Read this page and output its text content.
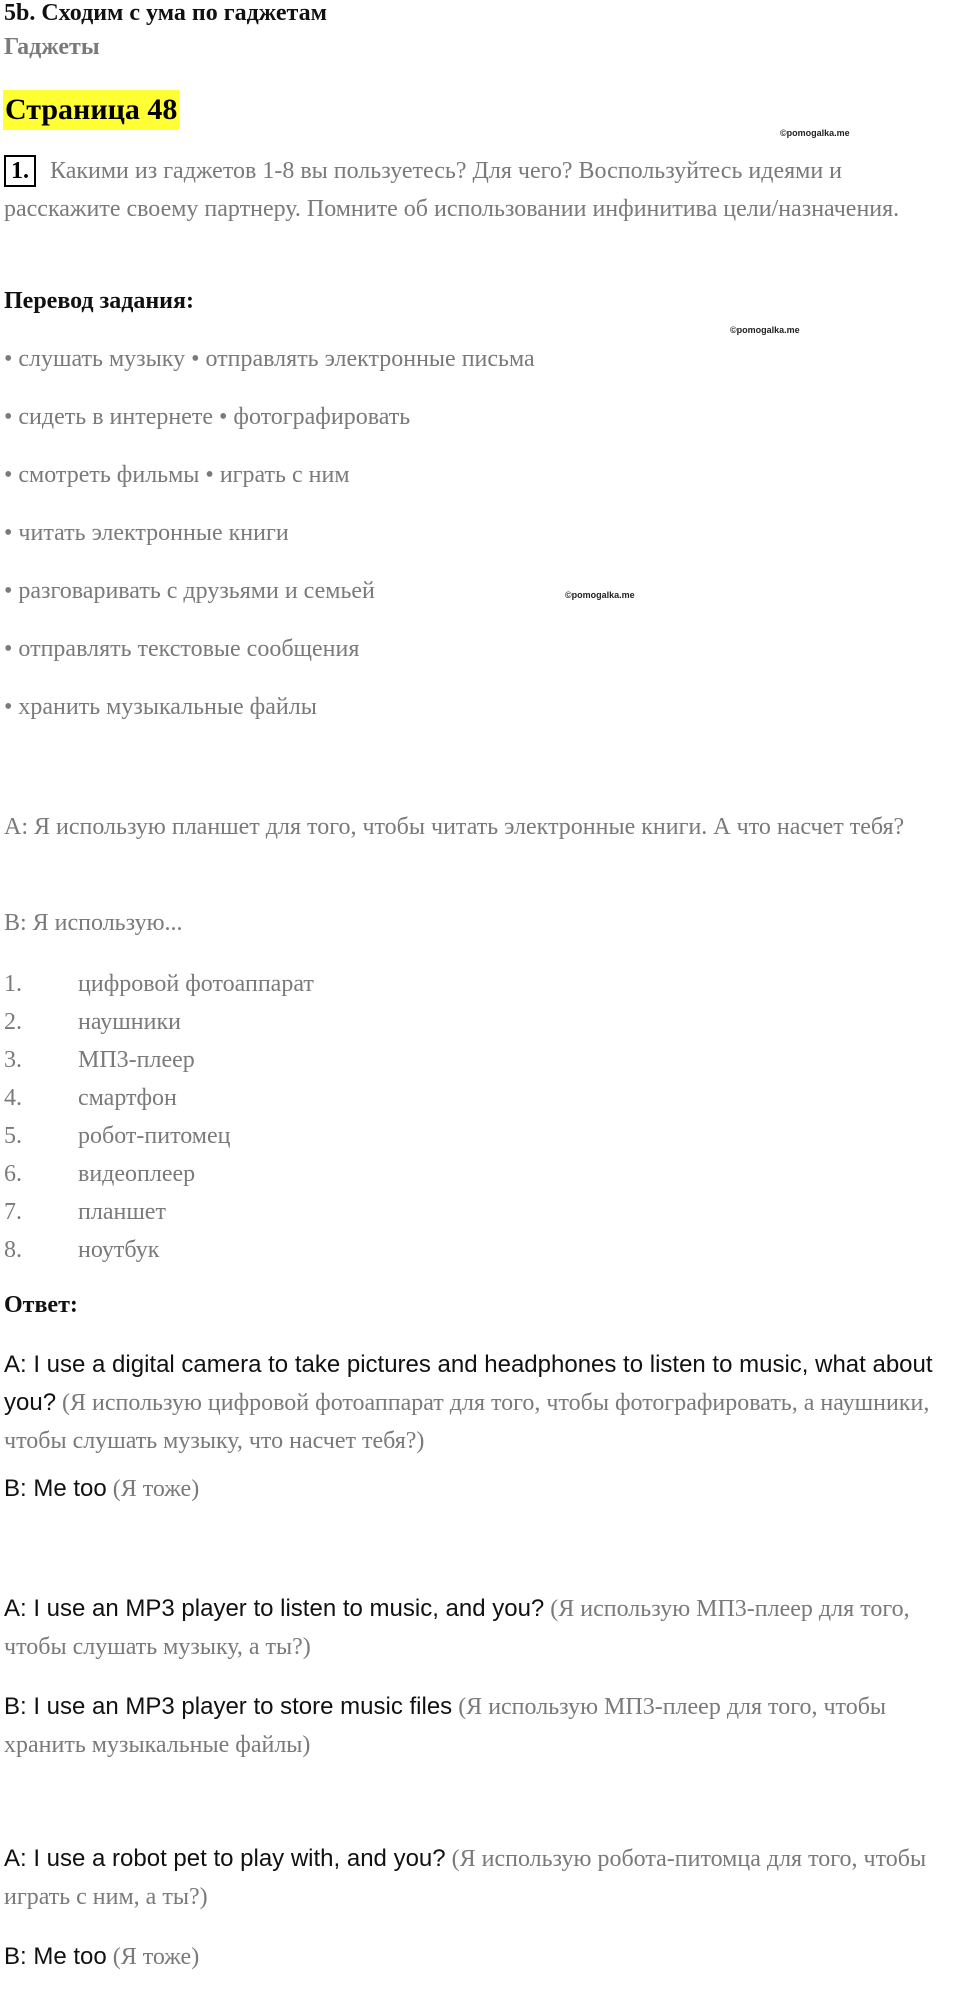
5b. Сходим с ума по гаджетам
Гаджеты
Страница 48
©pomogalka.me
1. Какими из гаджетов 1-8 вы пользуетесь? Для чего? Воспользуйтесь идеями и расскажите своему партнеру. Помните об использовании инфинитива цели/назначения.
Перевод задания:
©pomogalka.me
• слушать музыку • отправлять электронные письма
• сидеть в интернете • фотографировать
• смотреть фильмы • играть с ним
• читать электронные книги
• разговаривать с друзьями и семьей	©pomogalka.me
• отправлять текстовые сообщения
• хранить музыкальные файлы
A: Я использую планшет для того, чтобы читать электронные книги. А что насчет тебя?
B: Я использую...
1. цифровой фотоаппарат
2. наушники
3. МП3-плеер
4. смартфон
5. робот-питомец
6. видеоплеер
7. планшет
8. ноутбук
Ответ:
A: I use a digital camera to take pictures and headphones to listen to music, what about you? (Я использую цифровой фотоаппарат для того, чтобы фотографировать, а наушники, чтобы слушать музыку, что насчет тебя?)
B: Me too (Я тоже)
A: I use an MP3 player to listen to music, and you? (Я использую МП3-плеер для того, чтобы слушать музыку, а ты?)
B: I use an MP3 player to store music files (Я использую МП3-плеер для того, чтобы хранить музыкальные файлы)
A: I use a robot pet to play with, and you? (Я использую робота-питомца для того, чтобы играть с ним, а ты?)
B: Me too (Я тоже)
